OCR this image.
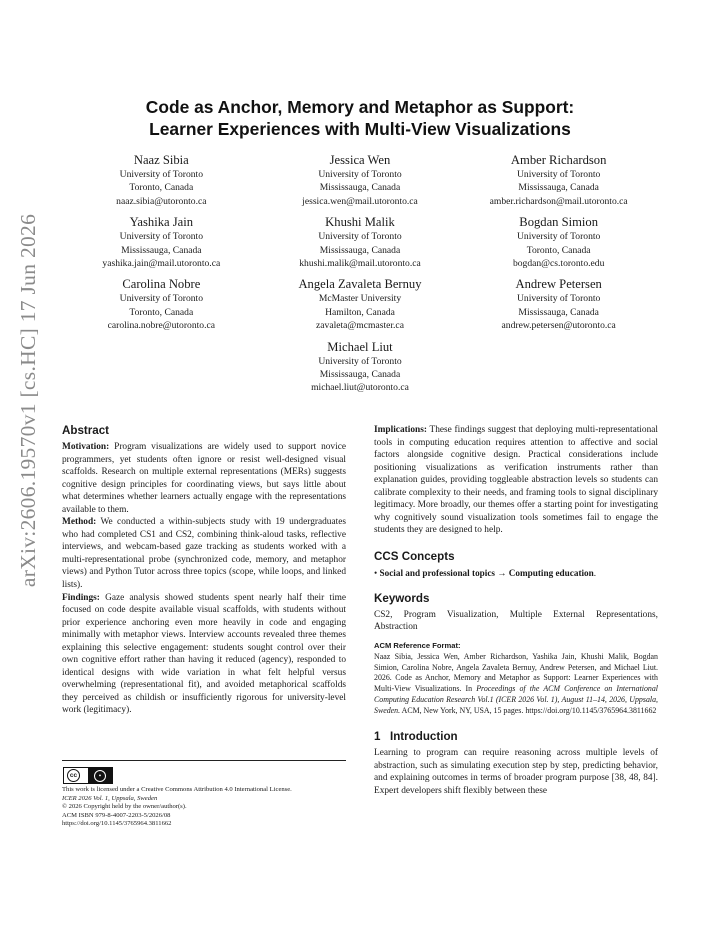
arXiv:2606.19570v1 [cs.HC] 17 Jun 2026
Code as Anchor, Memory and Metaphor as Support:
Learner Experiences with Multi-View Visualizations
Naaz Sibia
University of Toronto
Toronto, Canada
naaz.sibia@utoronto.ca
Jessica Wen
University of Toronto
Mississauga, Canada
jessica.wen@mail.utoronto.ca
Amber Richardson
University of Toronto
Mississauga, Canada
amber.richardson@mail.utoronto.ca
Yashika Jain
University of Toronto
Mississauga, Canada
yashika.jain@mail.utoronto.ca
Khushi Malik
University of Toronto
Mississauga, Canada
khushi.malik@mail.utoronto.ca
Bogdan Simion
University of Toronto
Toronto, Canada
bogdan@cs.toronto.edu
Carolina Nobre
University of Toronto
Toronto, Canada
carolina.nobre@utoronto.ca
Angela Zavaleta Bernuy
McMaster University
Hamilton, Canada
zavaleta@mcmaster.ca
Andrew Petersen
University of Toronto
Mississauga, Canada
andrew.petersen@utoronto.ca
Michael Liut
University of Toronto
Mississauga, Canada
michael.liut@utoronto.ca
Abstract

Motivation: Program visualizations are widely used to support novice programmers, yet students often ignore or resist well-designed visual scaffolds. Research on multiple external representations (MERs) suggests cognitive design principles for coordinating views, but says little about what determines whether learners actually engage with the representations available to them.

Method: We conducted a within-subjects study with 19 undergraduates who had completed CS1 and CS2, combining think-aloud tasks, reflective interviews, and webcam-based gaze tracking as students worked with a multi-representational probe (synchronized code, memory, and metaphor views) and Python Tutor across three topics (scope, while loops, and linked lists).

Findings: Gaze analysis showed students spent nearly half their time focused on code despite available visual scaffolds, with students without prior experience anchoring even more heavily in code and engaging minimally with metaphor views. Interview accounts revealed three themes explaining this selective engagement: students sought control over their own cognitive effort rather than having it reduced (agency), responded to identical designs with wide variation in what felt helpful versus overwhelming (representational fit), and avoided metaphorical scaffolds they perceived as childish or insufficiently rigorous for university-level work (legitimacy).

Implications: These findings suggest that deploying multi-representational tools in computing education requires attention to affective and social factors alongside cognitive design. Practical considerations include positioning visualizations as verification instruments rather than explanation guides, providing toggleable abstraction levels so students can calibrate complexity to their needs, and framing tools to signal disciplinary legitimacy. More broadly, our themes offer a starting point for investigating why cognitively sound visualization tools sometimes fail to engage the students they are designed to help.

CCS Concepts

• Social and professional topics → Computing education.

Keywords

CS2, Program Visualization, Multiple External Representations, Abstraction

ACM Reference Format:

Naaz Sibia, Jessica Wen, Amber Richardson, Yashika Jain, Khushi Malik, Bogdan Simion, Carolina Nobre, Angela Zavaleta Bernuy, Andrew Petersen, and Michael Liut. 2026. Code as Anchor, Memory and Metaphor as Support: Learner Experiences with Multi-View Visualizations. In Proceedings of the ACM Conference on International Computing Education Research Vol.1 (ICER 2026 Vol. 1), August 11–14, 2026, Uppsala, Sweden. ACM, New York, NY, USA, 15 pages. https://doi.org/10.1145/3765964.3811662

1 Introduction

Learning to program can require reasoning across multiple levels of abstraction, such as simulating execution step by step, predicting behavior, and explaining outcomes in terms of broader program purpose [38, 48, 84]. Expert developers shift flexibly between these

cc	•
This work is licensed under a Creative Commons Attribution 4.0 International License.
ICER 2026 Vol. 1, Uppsala, Sweden
© 2026 Copyright held by the owner/author(s).
ACM ISBN 979-8-4007-2203-5/2026/08
https://doi.org/10.1145/3765964.3811662
